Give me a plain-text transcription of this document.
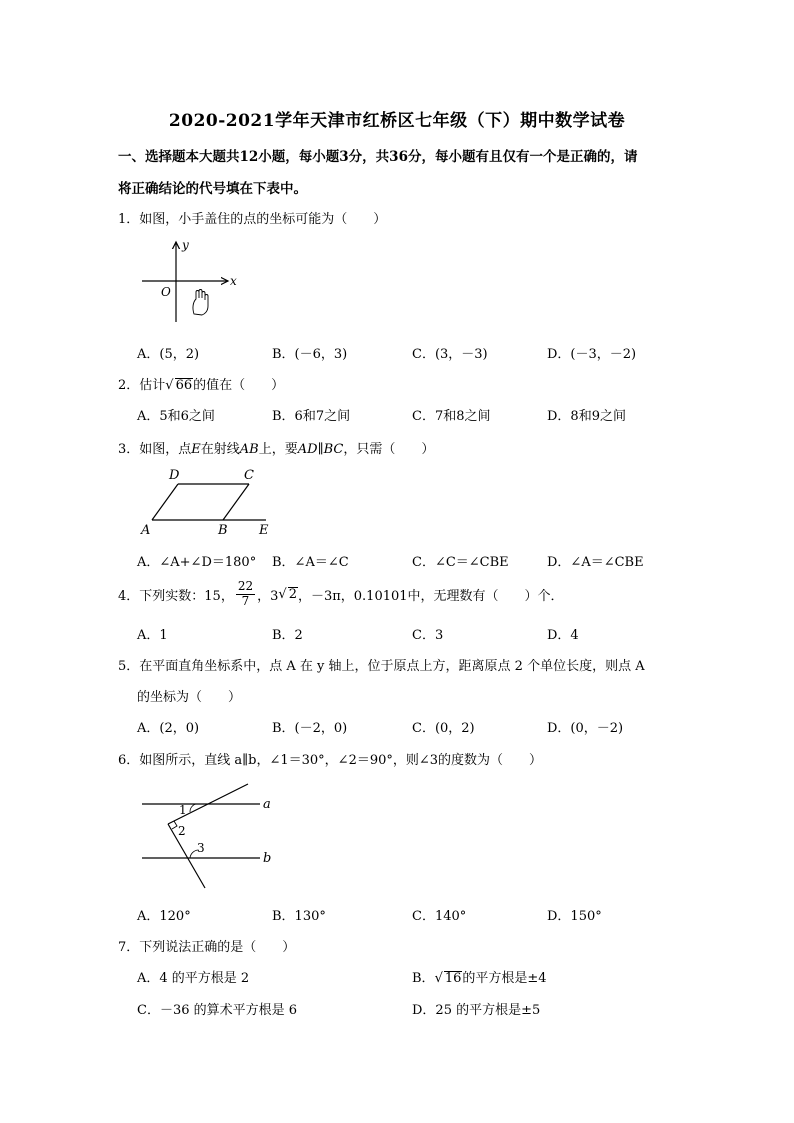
2020-2021学年天津市红桥区七年级（下）期中数学试卷
一、选择题本大题共12小题，每小题3分，共36分，每小题有且仅有一个是正确的，请
将正确结论的代号填在下表中。
1．如图，小手盖住的点的坐标可能为（　　）
y
x
O
A．(5，2)	B．(－6，3)	C．(3，－3)	D．(－3，－2)
2．估计√ 66的值在（　　）
A．5和6之间	B．6和7之间	C．7和8之间	D．8和9之间
3．如图，点E在射线AB上，要AD∥BC，只需（　　）
D	C
A	B E
A．∠A+∠D＝180° B．∠A＝∠C	C．∠C＝∠CBE	D．∠A＝∠CBE
4．下列实数：15， $\frac{22}{7}$ ，3 √ 2 ，－3π，0.10101中，无理数有（　　）个．
A．1	B．2	C．3	D．4
5．在平面直角坐标系中，点 A 在 y 轴上，位于原点上方，距离原点 2 个单位长度，则点 A
的坐标为（　　）
A．(2，0)	B．(－2，0)	C．(0，2)	D．(0，－2)
6．如图所示，直线 a∥b，∠1＝30°，∠2＝90°，则∠3的度数为（　　）
1
2
3
a
b
A．120°	B．130°	C．140°	D．150°
7．下列说法正确的是（　　）
A．4 的平方根是 2	B．√ 16的平方根是±4
C．－36 的算术平方根是 6	D．25 的平方根是±5
